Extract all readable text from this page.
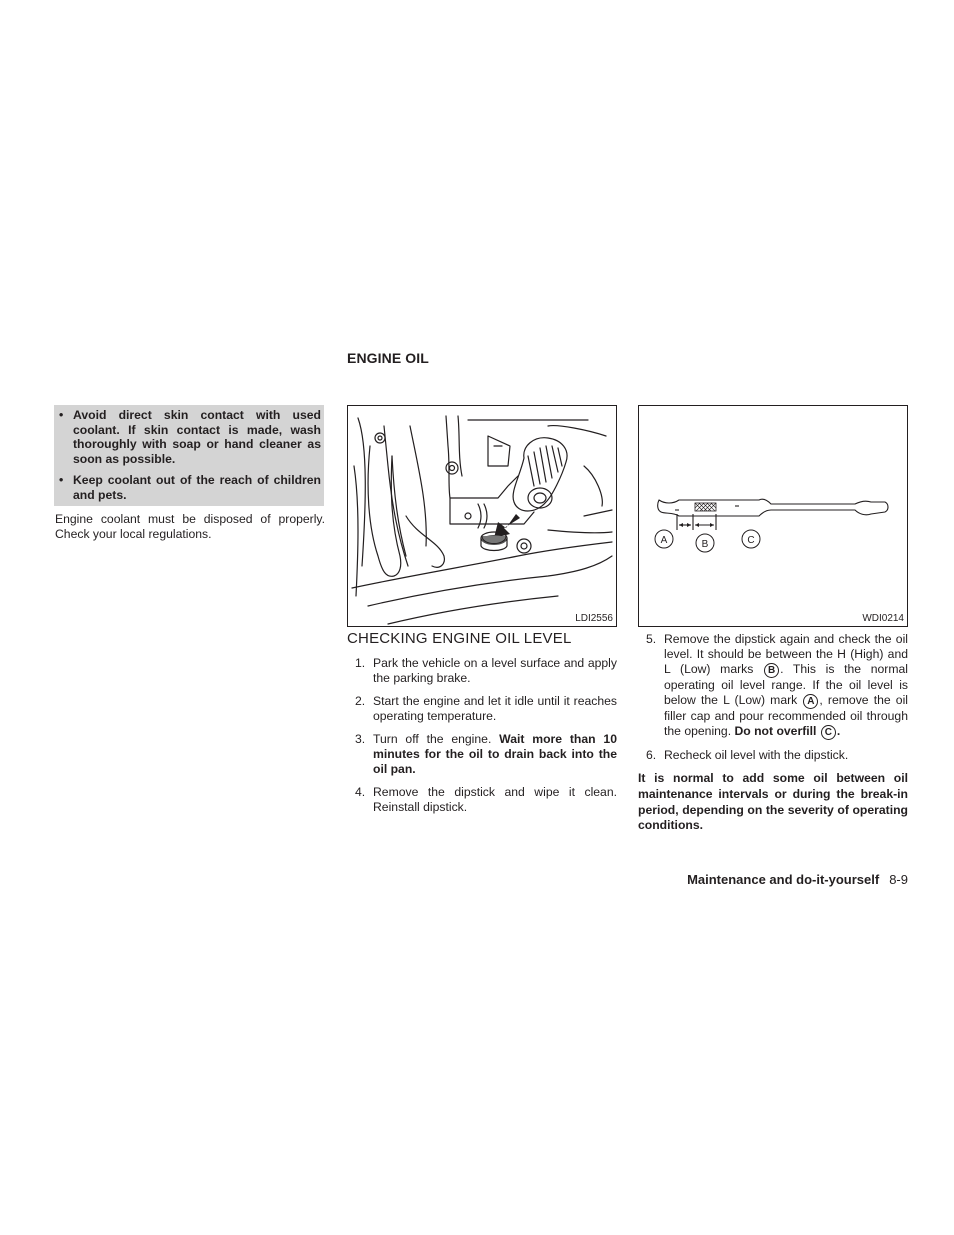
ENGINE OIL
• Avoid direct skin contact with used coolant. If skin contact is made, wash thoroughly with soap or hand cleaner as soon as possible.
• Keep coolant out of the reach of children and pets.

Engine coolant must be disposed of properly. Check your local regulations.

LDI2556
A	B	C
WDI0214
CHECKING ENGINE OIL LEVEL
1. Park the vehicle on a level surface and apply the parking brake.
2. Start the engine and let it idle until it reaches operating temperature.
3. Turn off the engine. Wait more than 10 minutes for the oil to drain back into the oil pan.
4. Remove the dipstick and wipe it clean. Reinstall dipstick.
5. Remove the dipstick again and check the oil level. It should be between the H (High) and L (Low) marks B . This is the normal operating oil level range. If the oil level is below the L (Low) mark A , remove the oil filler cap and pour recommended oil through the opening. Do not overfill C .
6. Recheck oil level with the dipstick.

It is normal to add some oil between oil maintenance intervals or during the break-in period, depending on the severity of operating conditions.

Maintenance and do-it-yourself 8-9
